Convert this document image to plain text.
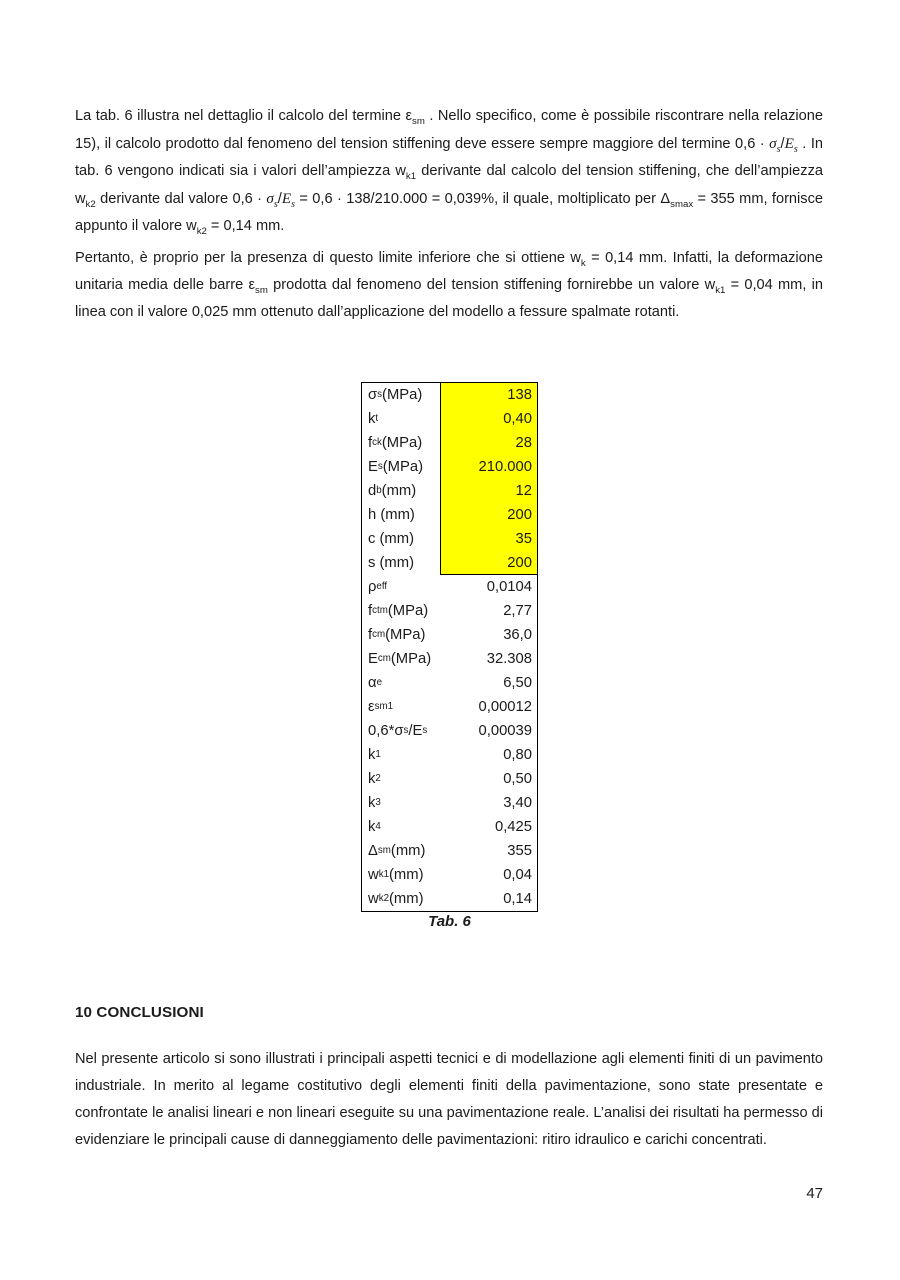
La tab. 6 illustra nel dettaglio il calcolo del termine $\varepsilon_{sm}$ . Nello specifico, come è possibile riscontrare nella relazione 15), il calcolo prodotto dal fenomeno del tension stiffening deve essere sempre maggiore del termine $0,6 \cdot \sigma_s/E_s$ . In tab. 6 vengono indicati sia i valori dell’ampiezza $w_{k1}$ derivante dal calcolo del tension stiffening, che dell’ampiezza $w_{k2}$ derivante dal valore $0,6 \cdot \sigma_s/E_s = 0,6 \cdot 138/210.000 = 0,039\%$, il quale, moltiplicato per $\Delta_{smax} = 355$ mm, fornisce appunto il valore $w_{k2} = 0,14$ mm.

Pertanto, è proprio per la presenza di questo limite inferiore che si ottiene $w_k = 0,14$ mm. Infatti, la deformazione unitaria media delle barre $\varepsilon_{sm}$ prodotta dal fenomeno del tension stiffening fornirebbe un valore $w_{k1} = 0,04$ mm, in linea con il valore 0,025 mm ottenuto dall’applicazione del modello a fessure spalmate rotanti.

σ s (MPa)	138
k t	0,40
f ck (MPa)	28
E s (MPa)	210.000
d b (mm)	12
h (mm)	200
c (mm)	35
s (mm)	200
ρ eff	0,0104
f ctm (MPa)	2,77
f cm (MPa)	36,0
E cm (MPa)	32.308
α e	6,50
ε sm1	0,00012
0,6*σ s /E s	0,00039
k 1	0,80
k 2	0,50
k 3	3,40
k 4	0,425
Δ sm (mm)	355
w k1 (mm)	0,04
w k2 (mm)	0,14
Tab. 6
10 CONCLUSIONI

Nel presente articolo si sono illustrati i principali aspetti tecnici e di modellazione agli elementi finiti di un pavimento industriale. In merito al legame costitutivo degli elementi finiti della pavimentazione, sono state presentate e confrontate le analisi lineari e non lineari eseguite su una pavimentazione reale. L’analisi dei risultati ha permesso di evidenziare le principali cause di danneggiamento delle pavimentazioni: ritiro idraulico e carichi concentrati.

47
